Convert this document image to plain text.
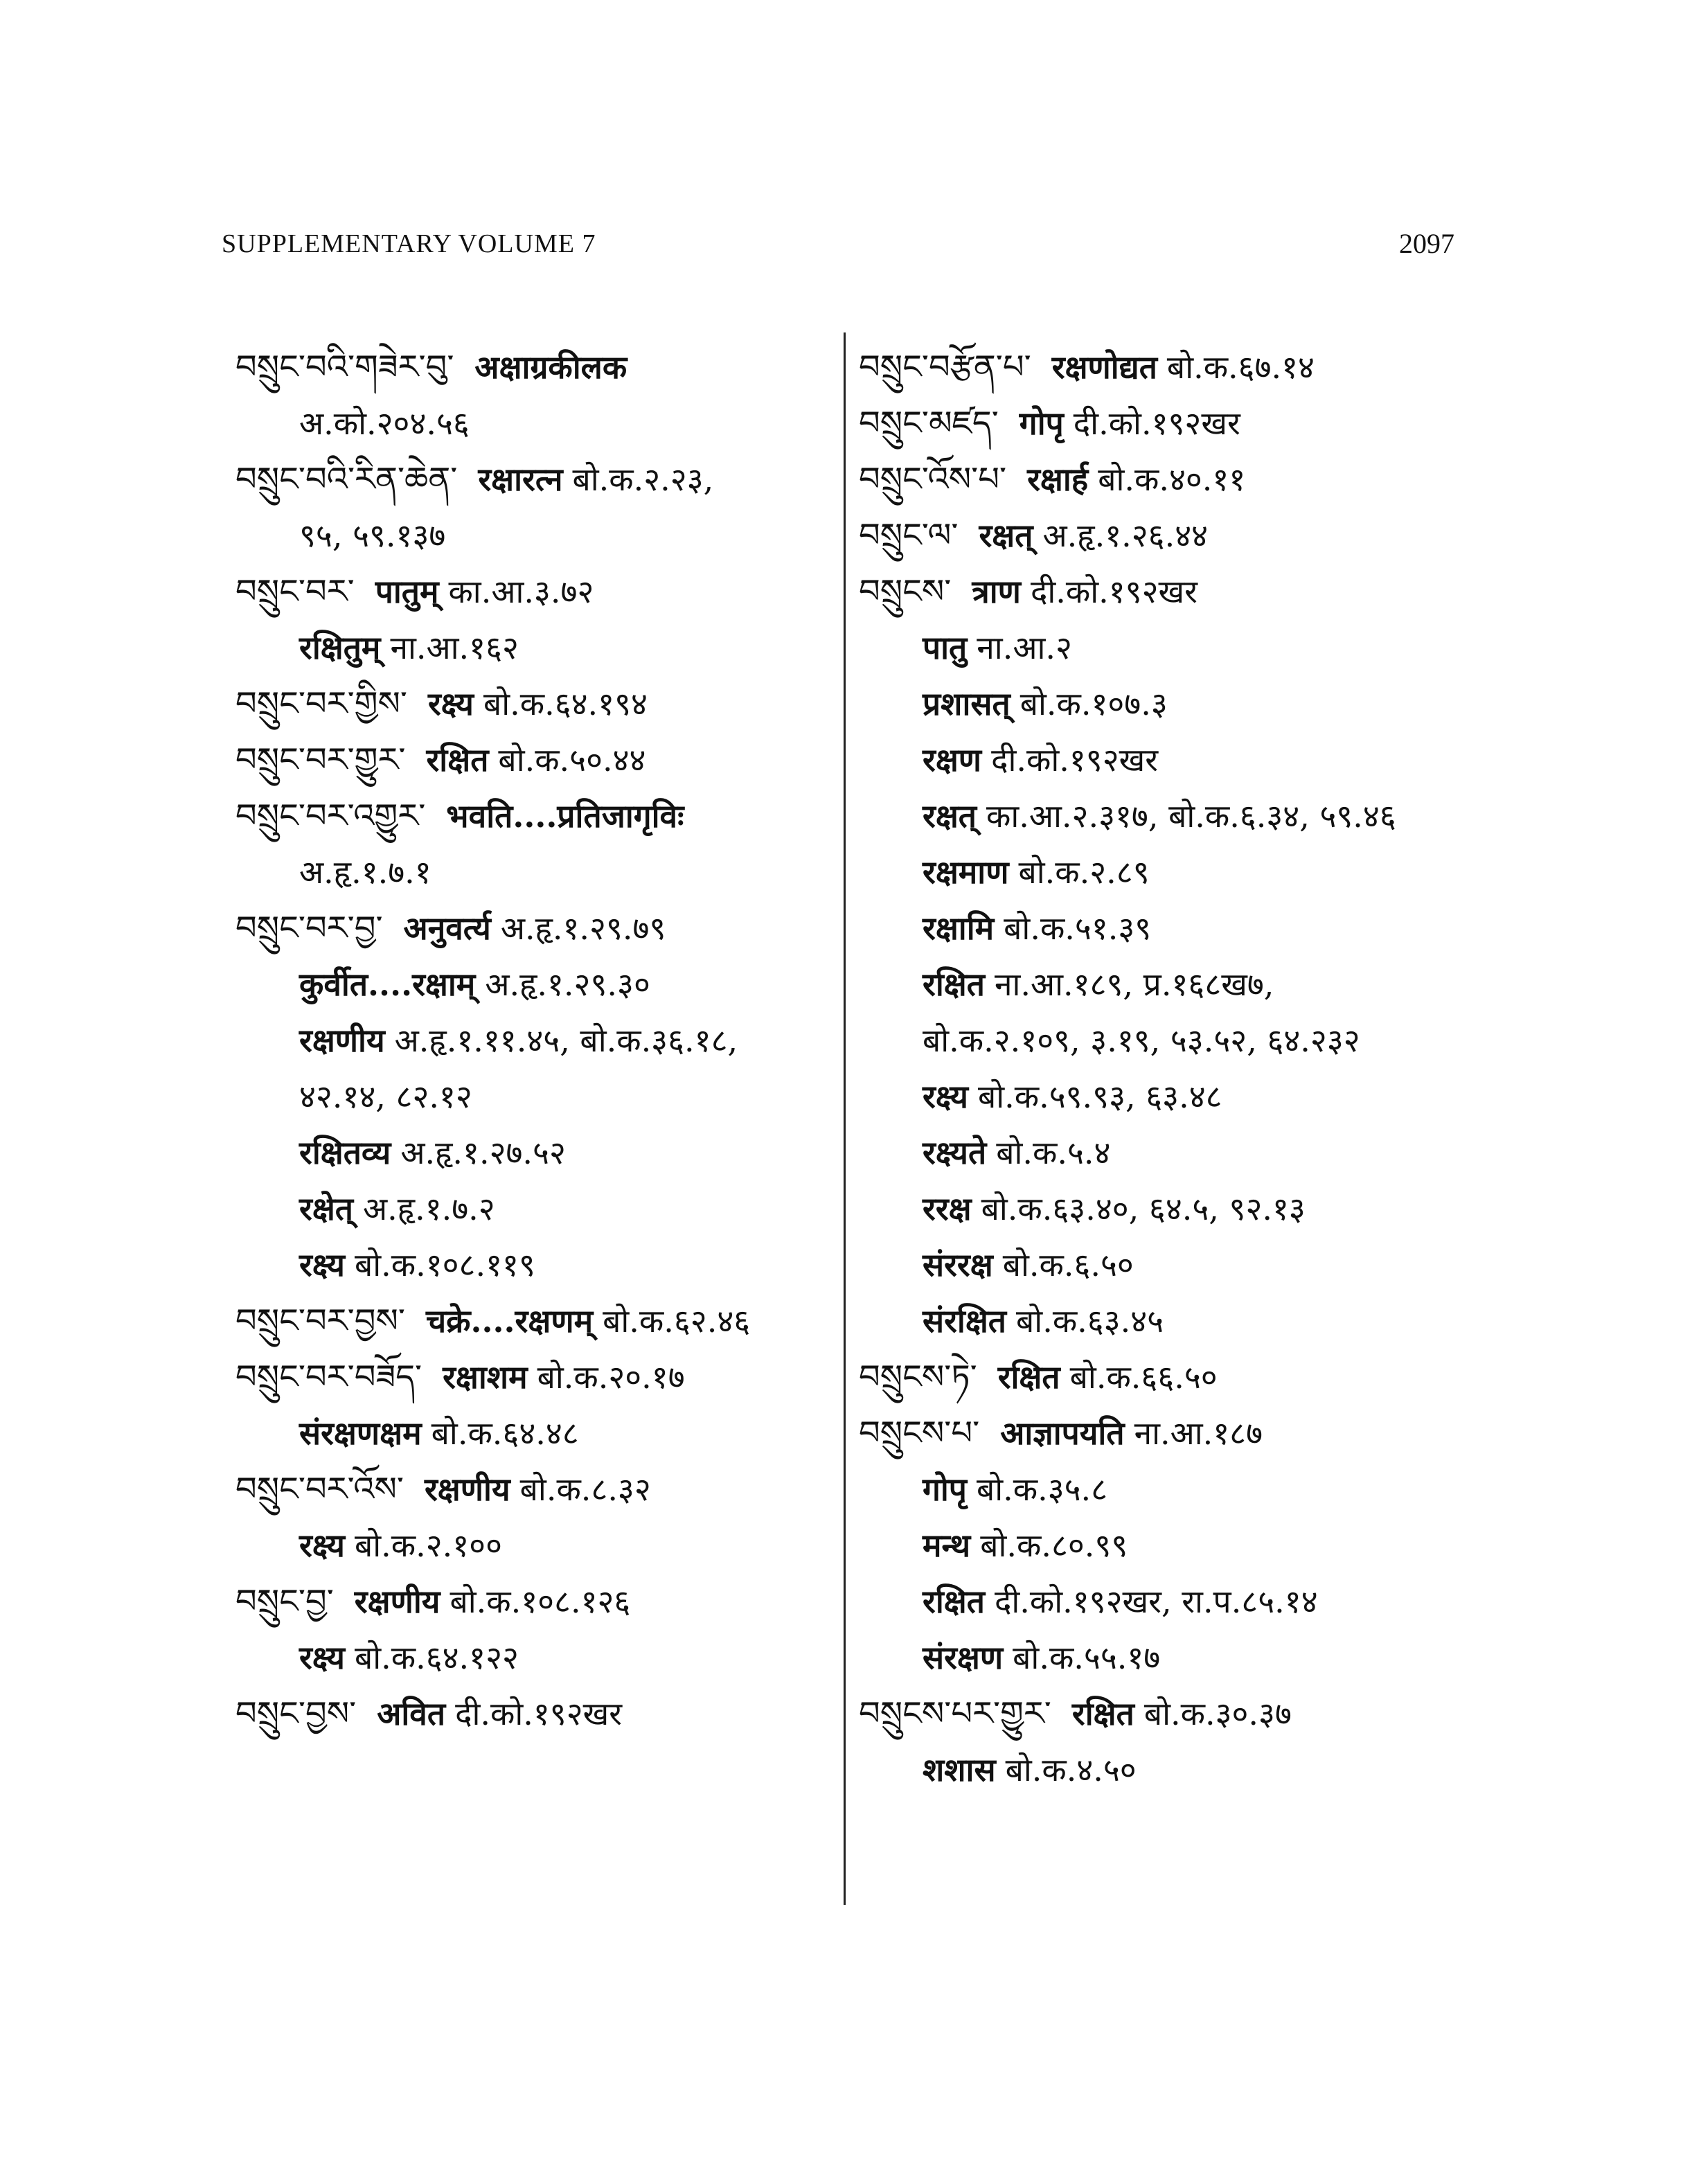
SUPPLEMENTARY VOLUME 7	2097
བསྲུང་བའི་གཟེར་བུ་ अक्षाग्रकीलक
अ.को.२०४.५६
བསྲུང་བའི་རིན་ཆེན་ रक्षारत्न बो.क.२.२३,
९५, ५९.१३७
བསྲུང་བར་ पातुम् का.आ.३.७२
रक्षितुम् ना.आ.१६२
བསྲུང་བར་གྱིས་ रक्ष्य बो.क.६४.१९४
བསྲུང་བར་གྱུར་ रक्षित बो.क.५०.४४
བསྲུང་བར་འགྱུར་ भवति....प्रतिजागृविः
अ.हृ.१.७.१
བསྲུང་བར་བྱ་ अनुवर्त्य अ.हृ.१.२९.७९
कुर्वीत....रक्षाम् अ.हृ.१.२९.३०
रक्षणीय अ.हृ.१.११.४५, बो.क.३६.१८,
४२.१४, ८२.१२
रक्षितव्य अ.हृ.१.२७.५२
रक्षेत् अ.हृ.१.७.२
रक्ष्य बो.क.१०८.११९
བསྲུང་བར་བྱས་ चक्रे....रक्षणम् बो.क.६२.४६
བསྲུང་བར་བཟོད་ रक्षाशम बो.क.२०.१७
संरक्षणक्षम बो.क.६४.४८
བསྲུང་བར་འོས་ रक्षणीय बो.क.८.३२
रक्ष्य बो.क.२.१००
བསྲུང་བྱ་ रक्षणीय बो.क.१०८.१२६
रक्ष्य बो.क.६४.१२२
བསྲུང་བྱས་ अवित दी.को.१९२खर
བསྲུང་བརྩོན་པ་ रक्षणोद्यत बो.क.६७.१४
བསྲུང་མཛད་ गोपृ दी.को.१९२खर
བསྲུང་འོས་པ་ रक्षार्ह बो.क.४०.११
བསྲུང་ལ་ रक्षत् अ.हृ.१.२६.४४
བསྲུངས་ त्राण दी.को.१९२खर
पातु ना.आ.२
प्रशासत् बो.क.१०७.३
रक्षण दी.को.१९२खर
रक्षत् का.आ.२.३१७, बो.क.६.३४, ५९.४६
रक्षमाण बो.क.२.८९
रक्षामि बो.क.५१.३९
रक्षित ना.आ.१८९, प्र.१६८ख७,
बो.क.२.१०९, ३.१९, ५३.५२, ६४.२३२
रक्ष्य बो.क.५९.९३, ६३.४८
रक्ष्यते बो.क.५.४
ररक्ष बो.क.६३.४०, ६४.५, ९२.१३
संररक्ष बो.क.६.५०
संरक्षित बो.क.६३.४५
བསྲུངས་ཏེ་ रक्षित बो.क.६६.५०
བསྲུངས་པ་ आज्ञापयति ना.आ.१८७
गोपृ बो.क.३५.८
मन्थ बो.क.८०.९९
रक्षित दी.को.१९२खर, रा.प.८५.१४
संरक्षण बो.क.५५.१७
བསྲུངས་པར་གྱུར་ रक्षित बो.क.३०.३७
शशास बो.क.४.५०
